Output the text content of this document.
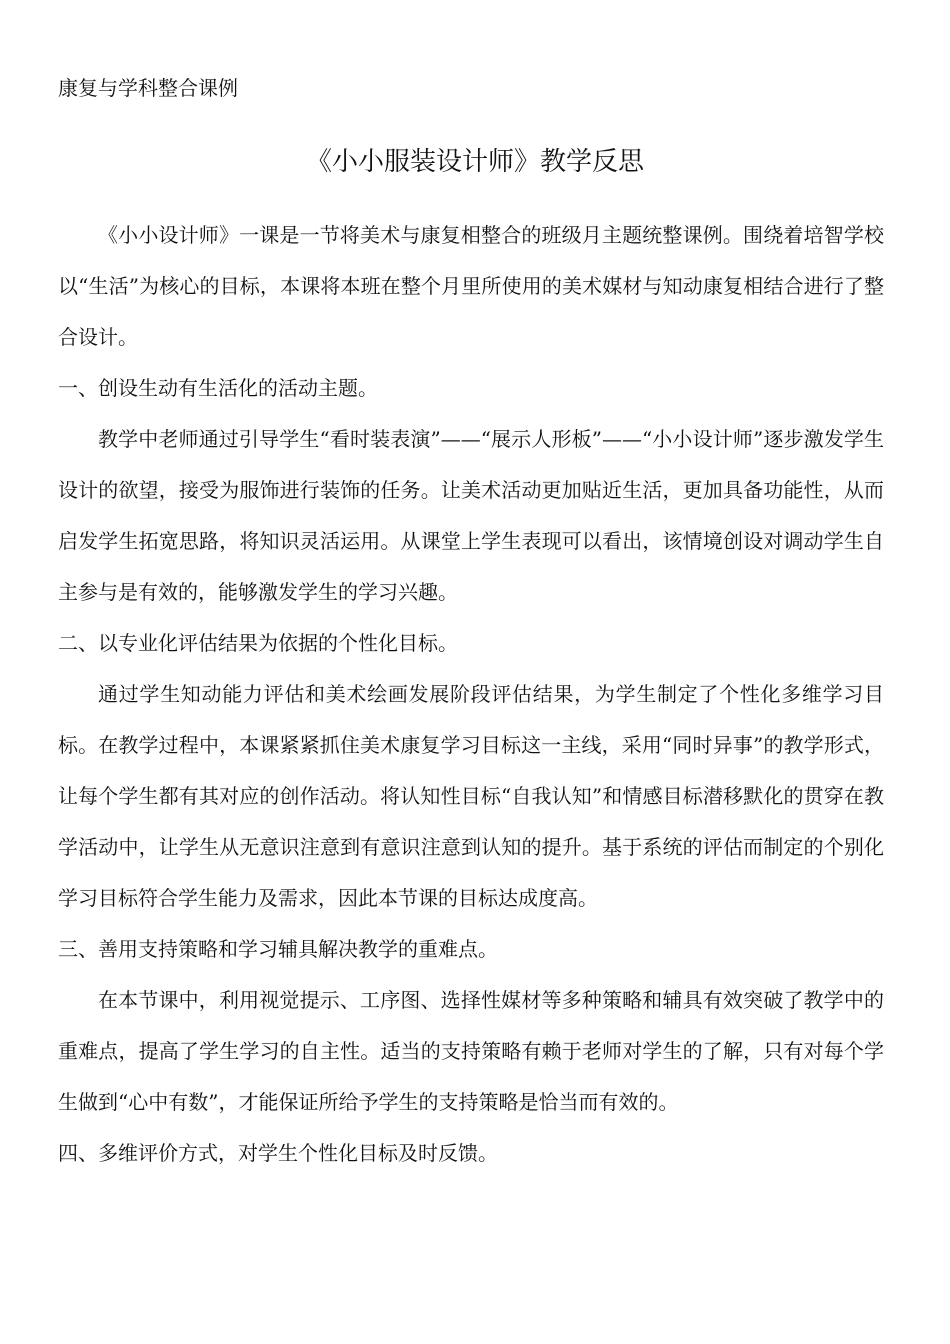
康复与学科整合课例
《小小服装设计师》教学反思

《小小设计师》一课是一节将美术与康复相整合的班级月主题统整课例。围绕着培智学校以“生活”为核心的目标，本课将本班在整个月里所使用的美术媒材与知动康复相结合进行了整合设计。

一、创设生动有生活化的活动主题。

教学中老师通过引导学生“看时装表演”——“展示人形板”——“小小设计师”逐步激发学生设计的欲望，接受为服饰进行装饰的任务。让美术活动更加贴近生活，更加具备功能性，从而启发学生拓宽思路，将知识灵活运用。从课堂上学生表现可以看出，该情境创设对调动学生自主参与是有效的，能够激发学生的学习兴趣。

二、以专业化评估结果为依据的个性化目标。

通过学生知动能力评估和美术绘画发展阶段评估结果，为学生制定了个性化多维学习目标。在教学过程中，本课紧紧抓住美术康复学习目标这一主线，采用“同时异事”的教学形式，让每个学生都有其对应的创作活动。将认知性目标“自我认知”和情感目标潜移默化的贯穿在教学活动中，让学生从无意识注意到有意识注意到认知的提升。基于系统的评估而制定的个别化学习目标符合学生能力及需求，因此本节课的目标达成度高。

三、善用支持策略和学习辅具解决教学的重难点。

在本节课中，利用视觉提示、工序图、选择性媒材等多种策略和辅具有效突破了教学中的重难点，提高了学生学习的自主性。适当的支持策略有赖于老师对学生的了解，只有对每个学生做到“心中有数”，才能保证所给予学生的支持策略是恰当而有效的。

四、多维评价方式，对学生个性化目标及时反馈。
